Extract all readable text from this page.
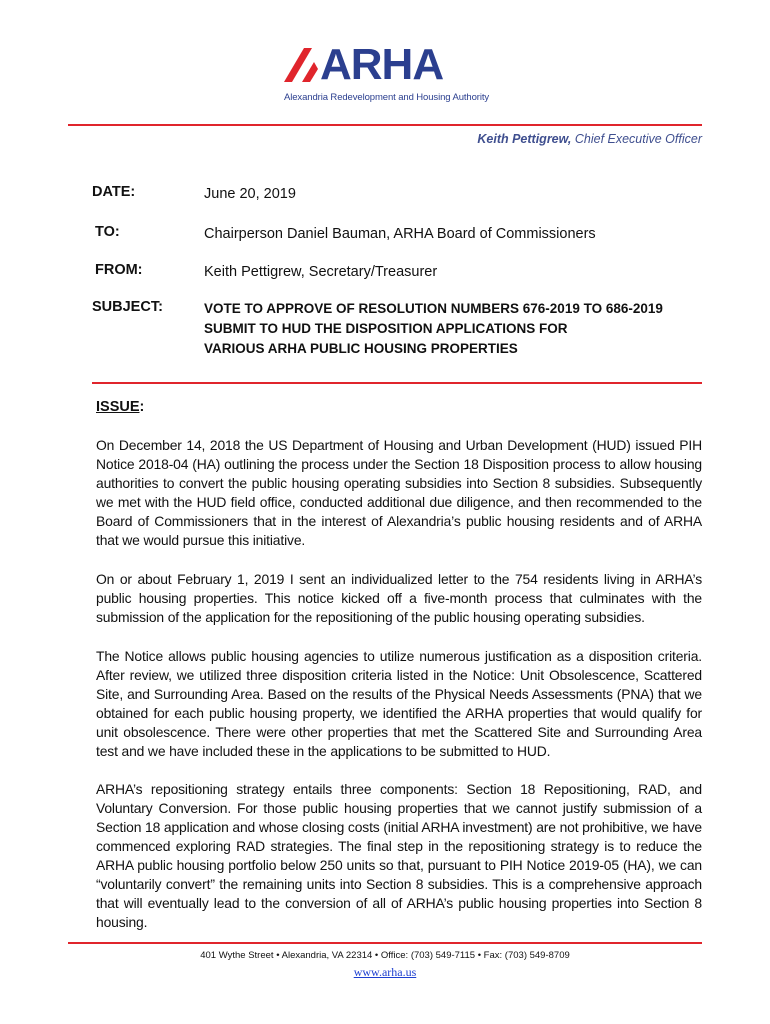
ARHA
Alexandria Redevelopment and Housing Authority
Keith Pettigrew, Chief Executive Officer
DATE:	June 20, 2019
TO:	Chairperson Daniel Bauman, ARHA Board of Commissioners
FROM:	Keith Pettigrew, Secretary/Treasurer
SUBJECT:	VOTE TO APPROVE OF RESOLUTION NUMBERS 676-2019 TO 686-2019
SUBMIT TO HUD THE DISPOSITION APPLICATIONS FOR
VARIOUS ARHA PUBLIC HOUSING PROPERTIES
ISSUE:
On December 14, 2018 the US Department of Housing and Urban Development (HUD) issued PIH Notice 2018-04 (HA) outlining the process under the Section 18 Disposition process to allow housing authorities to convert the public housing operating subsidies into Section 8 subsidies. Subsequently we met with the HUD field office, conducted additional due diligence, and then recommended to the Board of Commissioners that in the interest of Alexandria’s public housing residents and of ARHA that we would pursue this initiative.
On or about February 1, 2019 I sent an individualized letter to the 754 residents living in ARHA’s public housing properties. This notice kicked off a five-month process that culminates with the submission of the application for the repositioning of the public housing operating subsidies.
The Notice allows public housing agencies to utilize numerous justification as a disposition criteria. After review, we utilized three disposition criteria listed in the Notice: Unit Obsolescence, Scattered Site, and Surrounding Area. Based on the results of the Physical Needs Assessments (PNA) that we obtained for each public housing property, we identified the ARHA properties that would qualify for unit obsolescence. There were other properties that met the Scattered Site and Surrounding Area test and we have included these in the applications to be submitted to HUD.
ARHA’s repositioning strategy entails three components: Section 18 Repositioning, RAD, and Voluntary Conversion. For those public housing properties that we cannot justify submission of a Section 18 application and whose closing costs (initial ARHA investment) are not prohibitive, we have commenced exploring RAD strategies. The final step in the repositioning strategy is to reduce the ARHA public housing portfolio below 250 units so that, pursuant to PIH Notice 2019-05 (HA), we can “voluntarily convert” the remaining units into Section 8 subsidies. This is a comprehensive approach that will eventually lead to the conversion of all of ARHA’s public housing properties into Section 8 housing.
401 Wythe Street • Alexandria, VA 22314 • Office: (703) 549-7115 • Fax: (703) 549-8709
www.arha.us
